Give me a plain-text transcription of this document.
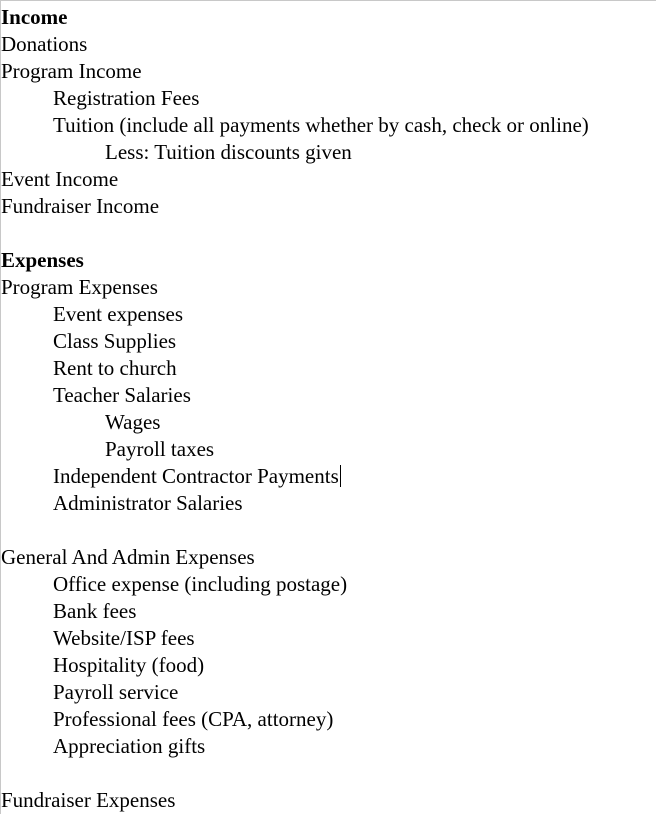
Income
Donations
Program Income
Registration Fees
Tuition (include all payments whether by cash, check or online)
Less: Tuition discounts given
Event Income
Fundraiser Income
Expenses
Program Expenses
Event expenses
Class Supplies
Rent to church
Teacher Salaries
Wages
Payroll taxes
Independent Contractor Payments
Administrator Salaries
General And Admin Expenses
Office expense (including postage)
Bank fees
Website/ISP fees
Hospitality (food)
Payroll service
Professional fees (CPA, attorney)
Appreciation gifts
Fundraiser Expenses
